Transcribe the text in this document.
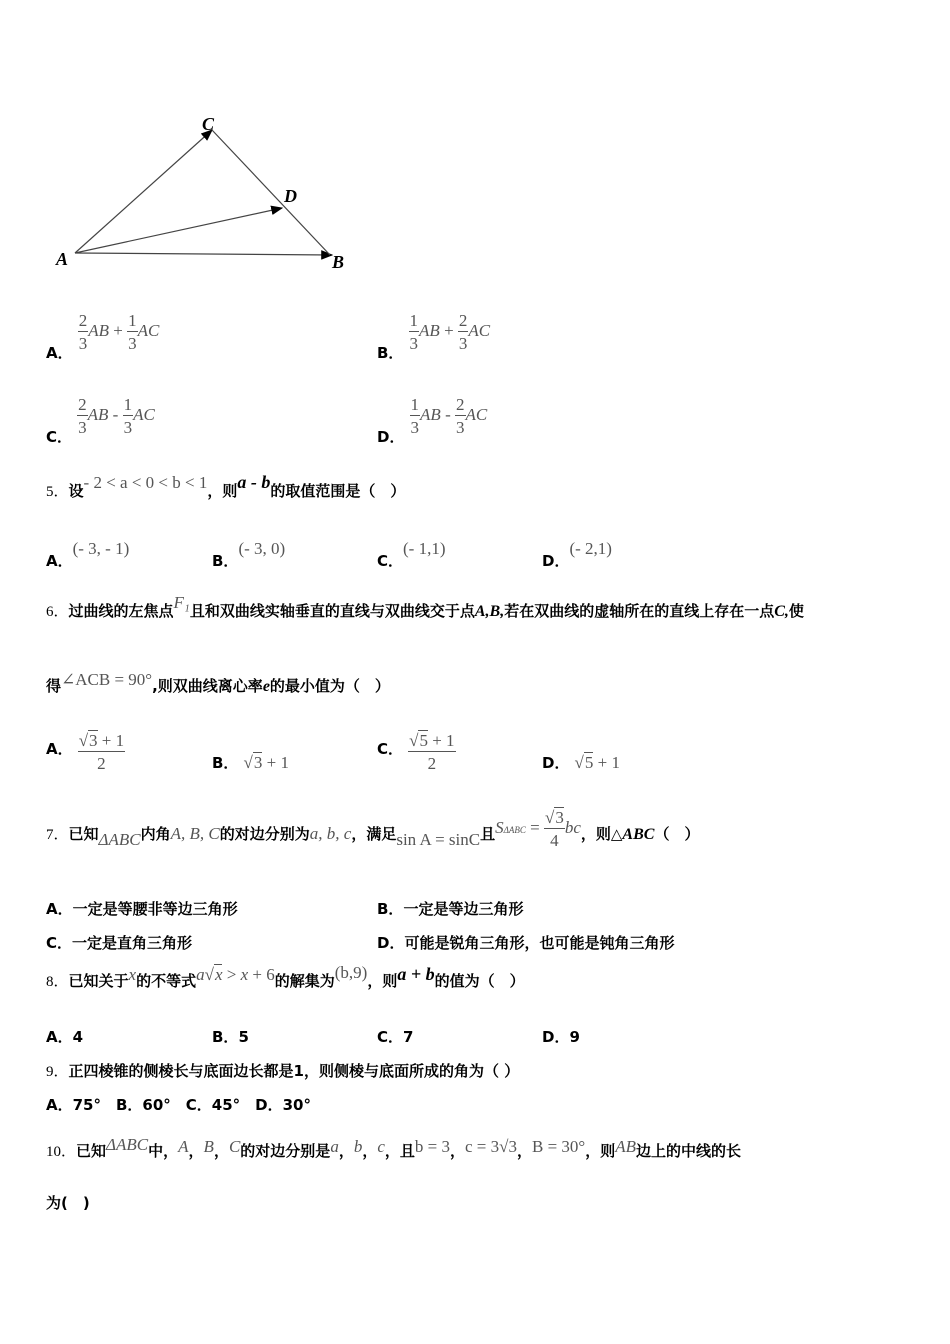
C
D
A	B
A．
$\frac{2}{3}$ AB + $\frac{1}{3}$ AC
B．
$\frac{1}{3}$ AB + $\frac{2}{3}$ AC
C．
$\frac{2}{3}$ AB - $\frac{1}{3}$ AC
D．
$\frac{1}{3}$ AB - $\frac{2}{3}$ AC
5．设- 2 < a < 0 < b < 1，则a - b的取值范围是（　）
A．(- 3, - 1)
B．(- 3, 0)
C．(- 1,1)
D．(- 2,1)
6．过曲线的左焦点F₁且和双曲线实轴垂直的直线与双曲线交于点A,B,若在双曲线的虚轴所在的直线上存在一点C,使
得∠ACB = 90°,则双曲线离心率e的最小值为（　）
A． $\frac{√3 + 1}{2}$	B． √3 + 1
C． $\frac{√5 + 1}{2}$	D． √5 + 1
7．已知ΔABC内角A, B, C的对边分别为a, b, c，满足sin A = sinC且$S\Delta ABC = \frac{√3}{4}$ bc，则△ABC（　）
A．一定是等腰非等边三角形	B．一定是等边三角形
C．一定是直角三角形	D．可能是锐角三角形，也可能是钝角三角形
8．已知关于x的不等式a√x > x + 6的解集为(b,9)，则a + b的值为（　）
A．4	B．5	C．7	D．9
9．正四棱锥的侧棱长与底面边长都是1，则侧棱与底面所成的角为（ ）
A．75°　B．60°　C．45°　D．30°
10．已知ΔABC中，A，B，C的对边分别是a，b，c，且b = 3，c = 3√3，B = 30°，则AB边上的中线的长
为(　)
